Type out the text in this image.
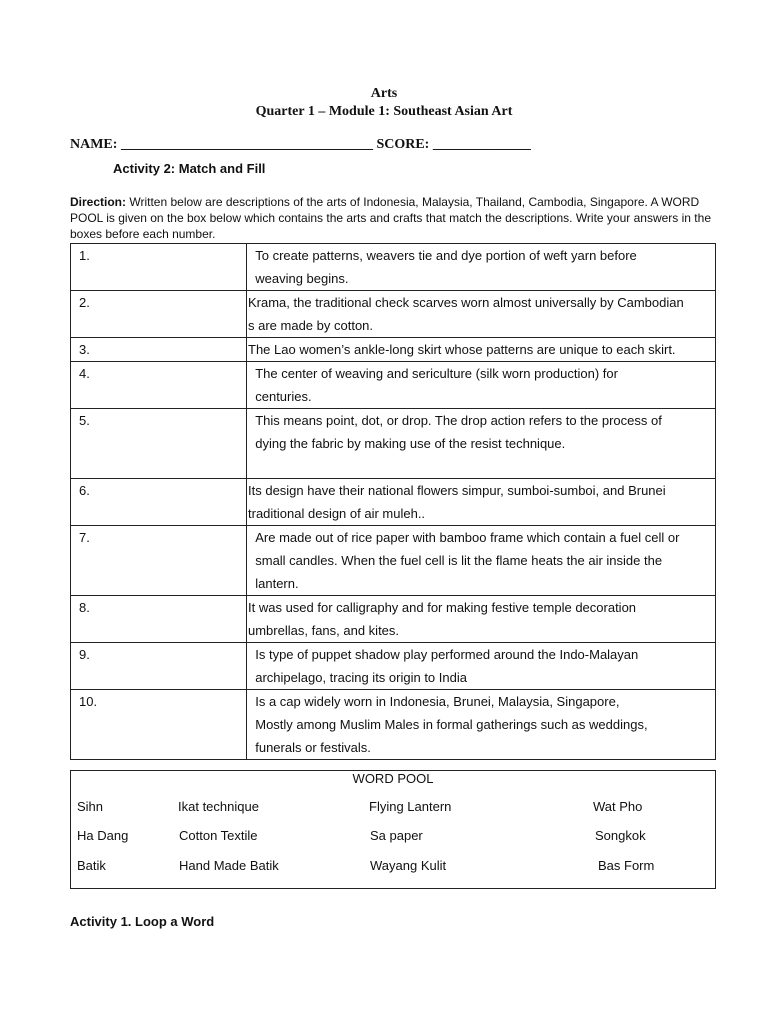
Arts
Quarter 1 – Module 1: Southeast Asian Art
NAME: ____________________________________ SCORE: ______________
Activity 2: Match and Fill
Direction: Written below are descriptions of the arts of Indonesia, Malaysia, Thailand, Cambodia, Singapore. A WORD POOL is given on the box below which contains the arts and crafts that match the descriptions. Write your answers in the boxes before each number.
1.	To create patterns, weavers tie and dye portion of weft yarn before
weaving begins.

2.	Krama, the traditional check scarves worn almost universally by Cambodian
s are made by cotton.

3.	The Lao women’s ankle-long skirt whose patterns are unique to each skirt.

4.	The center of weaving and sericulture (silk worn production) for
centuries.

5.	This means point, dot, or drop. The drop action refers to the process of
dying the fabric by making use of the resist technique.

6.	Its design have their national flowers simpur, sumboi-sumboi, and Brunei
traditional design of air muleh..

7.	Are made out of rice paper with bamboo frame which contain a fuel cell or
small candles. When the fuel cell is lit the flame heats the air inside the
lantern.

8.	It was used for calligraphy and for making festive temple decoration
umbrellas, fans, and kites.

9.	Is type of puppet shadow play performed around the Indo-Malayan
archipelago, tracing its origin to India

10.	Is a cap widely worn in Indonesia, Brunei, Malaysia, Singapore,
Mostly among Muslim Males in formal gatherings such as weddings,
funerals or festivals.
WORD POOL
Sihn	Ikat technique	Flying Lantern	Wat Pho
Ha Dang	Cotton Textile	Sa paper	Songkok
Batik	Hand Made Batik	Wayang Kulit	Bas Form
Activity 1. Loop a Word
